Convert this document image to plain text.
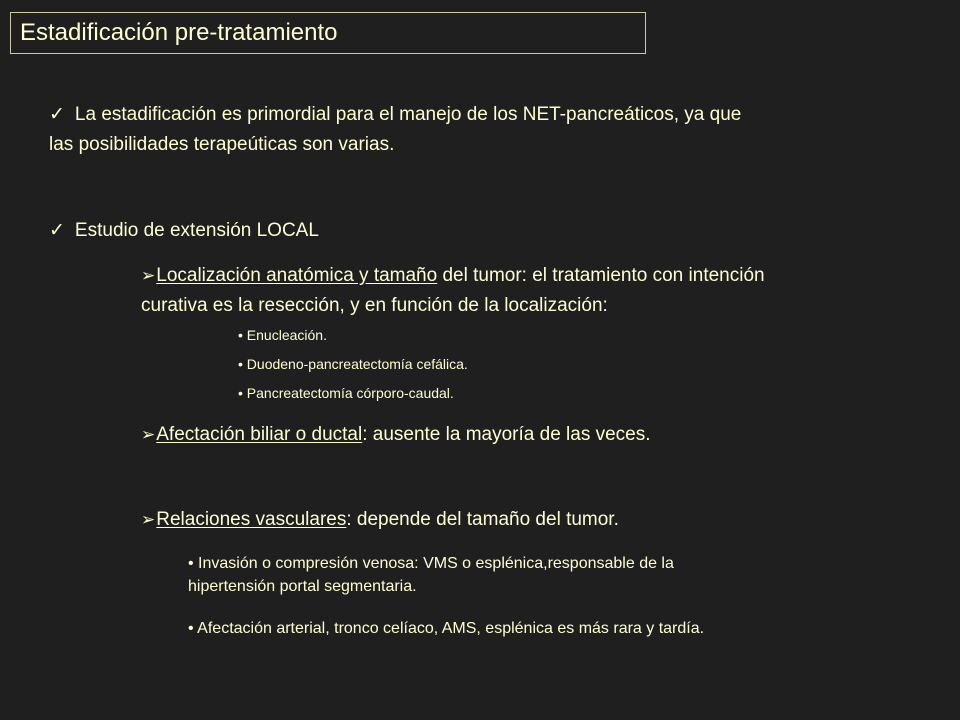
Estadificación pre-tratamiento
✓ La estadificación es primordial para el manejo de los NET-pancreáticos, ya que
las posibilidades terapeúticas son varias.
✓ Estudio de extensión LOCAL
➢Localización anatómica y tamaño del tumor: el tratamiento con intención
curativa es la resección, y en función de la localización:
• Enucleación.
• Duodeno-pancreatectomía cefálica.
• Pancreatectomía córporo-caudal.
➢Afectación biliar o ductal: ausente la mayoría de las veces.
➢Relaciones vasculares: depende del tamaño del tumor.
• Invasión o compresión venosa: VMS o esplénica,responsable de la
hipertensión portal segmentaria.
• Afectación arterial, tronco celíaco, AMS, esplénica es más rara y tardía.
